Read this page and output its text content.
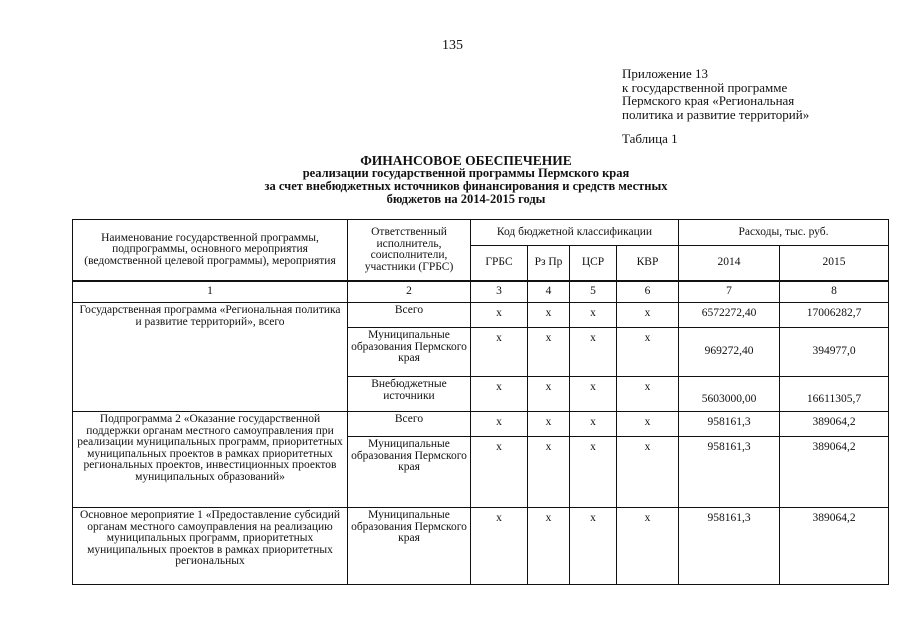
135
Приложение 13
к государственной программе
Пермского края «Региональная
политика и развитие территорий»
Таблица 1
ФИНАНСОВОЕ ОБЕСПЕЧЕНИЕ
реализации государственной программы Пермского края
за счет внебюджетных источников финансирования и средств местных
бюджетов на 2014-2015 годы
Наименование государственной программы, подпрограммы, основного мероприятия (ведомственной целевой программы), мероприятия	Ответственный исполнитель, соисполнители, участники (ГРБС)	Код бюджетной классификации				Расходы, тыс. руб.	
		ГРБС	Рз Пр	ЦСР	КВР	2014	2015
1	2	3	4	5	6	7	8
Государственная программа «Региональная политика и развитие территорий», всего	Всего	х	х	х	х	6572272,40	17006282,7
	Муниципальные образования Пермского края	х	х	х	х	969272,40	394977,0
	Внебюджетные источники	х	х	х	х	5603000,00	16611305,7
Подпрограмма 2 «Оказание государственной поддержки органам местного самоуправления при реализации муниципальных программ, приоритетных муниципальных проектов в рамках приоритетных региональных проектов, инвестиционных проектов муниципальных образований»	Всего	х	х	х	х	958161,3	389064,2
	Муниципальные образования Пермского края	х	х	х	х	958161,3	389064,2
Основное мероприятие 1 «Предоставление субсидий органам местного самоуправления на реализацию муниципальных программ, приоритетных муниципальных проектов в рамках приоритетных региональных	Муниципальные образования Пермского края	х	х	х	х	958161,3	389064,2
